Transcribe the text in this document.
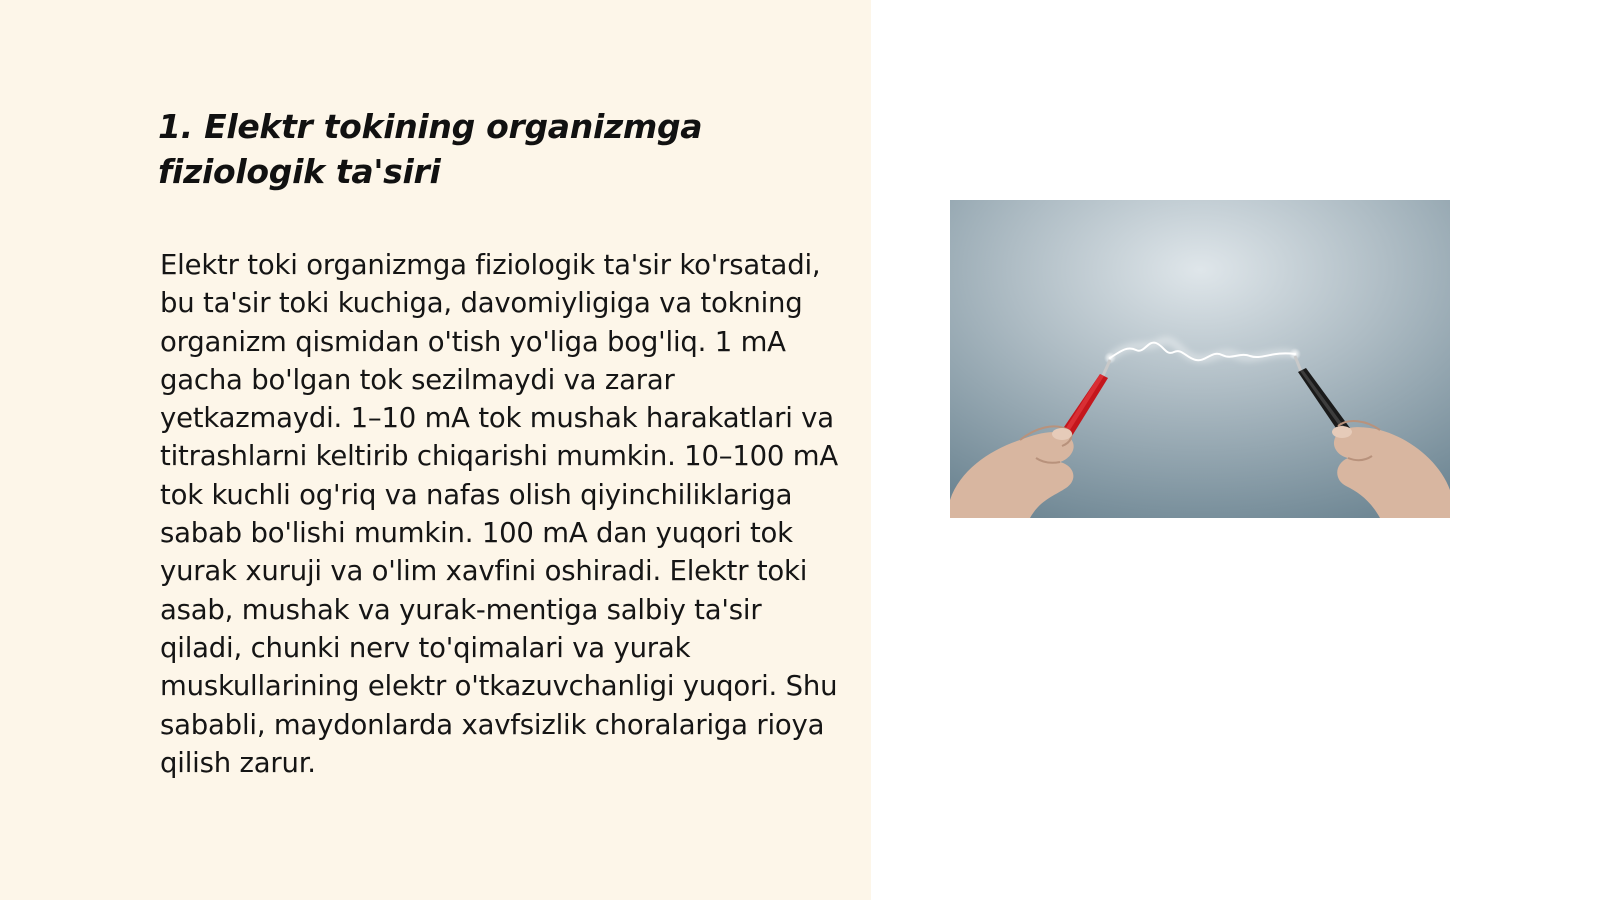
1. Elektr tokining organizmga fiziologik ta'siri

Elektr toki organizmga fiziologik ta'sir ko'rsatadi, bu ta'sir toki kuchiga, davomiyligiga va tokning organizm qismidan o'tish yo'liga bog'liq. 1 mA gacha bo'lgan tok sezilmaydi va zarar yetkazmaydi. 1–10 mA tok mushak harakatlari va titrashlarni keltirib chiqarishi mumkin. 10–100 mA tok kuchli og'riq va nafas olish qiyinchiliklariga sabab bo'lishi mumkin. 100 mA dan yuqori tok yurak xuruji va o'lim xavfini oshiradi. Elektr toki asab, mushak va yurak-mentiga salbiy ta'sir qiladi, chunki nerv to'qimalari va yurak muskullarining elektr o'tkazuvchanligi yuqori. Shu sababli, maydonlarda xavfsizlik choralariga rioya qilish zarur.
